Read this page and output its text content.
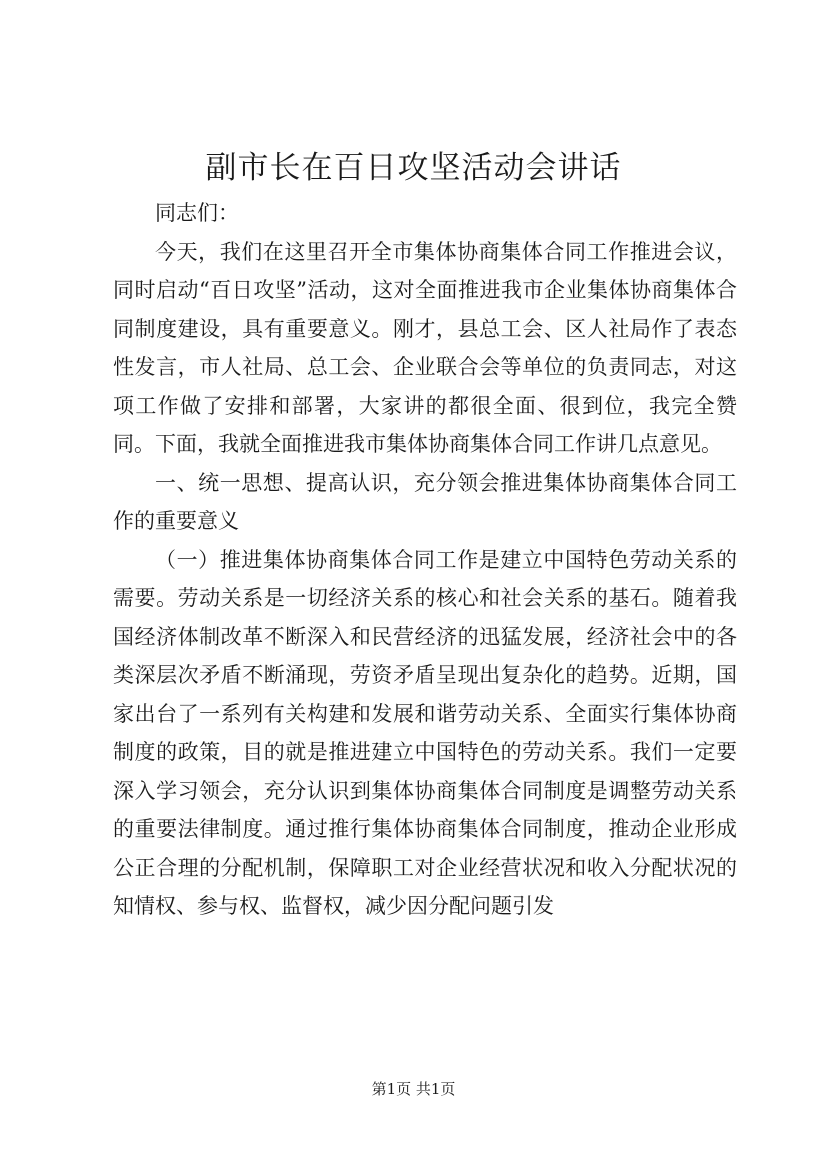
副市长在百日攻坚活动会讲话

同志们：

今天，我们在这里召开全市集体协商集体合同工作推进会议，同时启动“百日攻坚”活动，这对全面推进我市企业集体协商集体合同制度建设，具有重要意义。刚才，县总工会、区人社局作了表态性发言，市人社局、总工会、企业联合会等单位的负责同志，对这项工作做了安排和部署，大家讲的都很全面、很到位，我完全赞同。下面，我就全面推进我市集体协商集体合同工作讲几点意见。

一、统一思想、提高认识，充分领会推进集体协商集体合同工作的重要意义

（一）推进集体协商集体合同工作是建立中国特色劳动关系的需要。劳动关系是一切经济关系的核心和社会关系的基石。随着我国经济体制改革不断深入和民营经济的迅猛发展，经济社会中的各类深层次矛盾不断涌现，劳资矛盾呈现出复杂化的趋势。近期，国家出台了一系列有关构建和发展和谐劳动关系、全面实行集体协商制度的政策，目的就是推进建立中国特色的劳动关系。我们一定要深入学习领会，充分认识到集体协商集体合同制度是调整劳动关系的重要法律制度。通过推行集体协商集体合同制度，推动企业形成公正合理的分配机制，保障职工对企业经营状况和收入分配状况的知情权、参与权、监督权，减少因分配问题引发

第1页 共1页
